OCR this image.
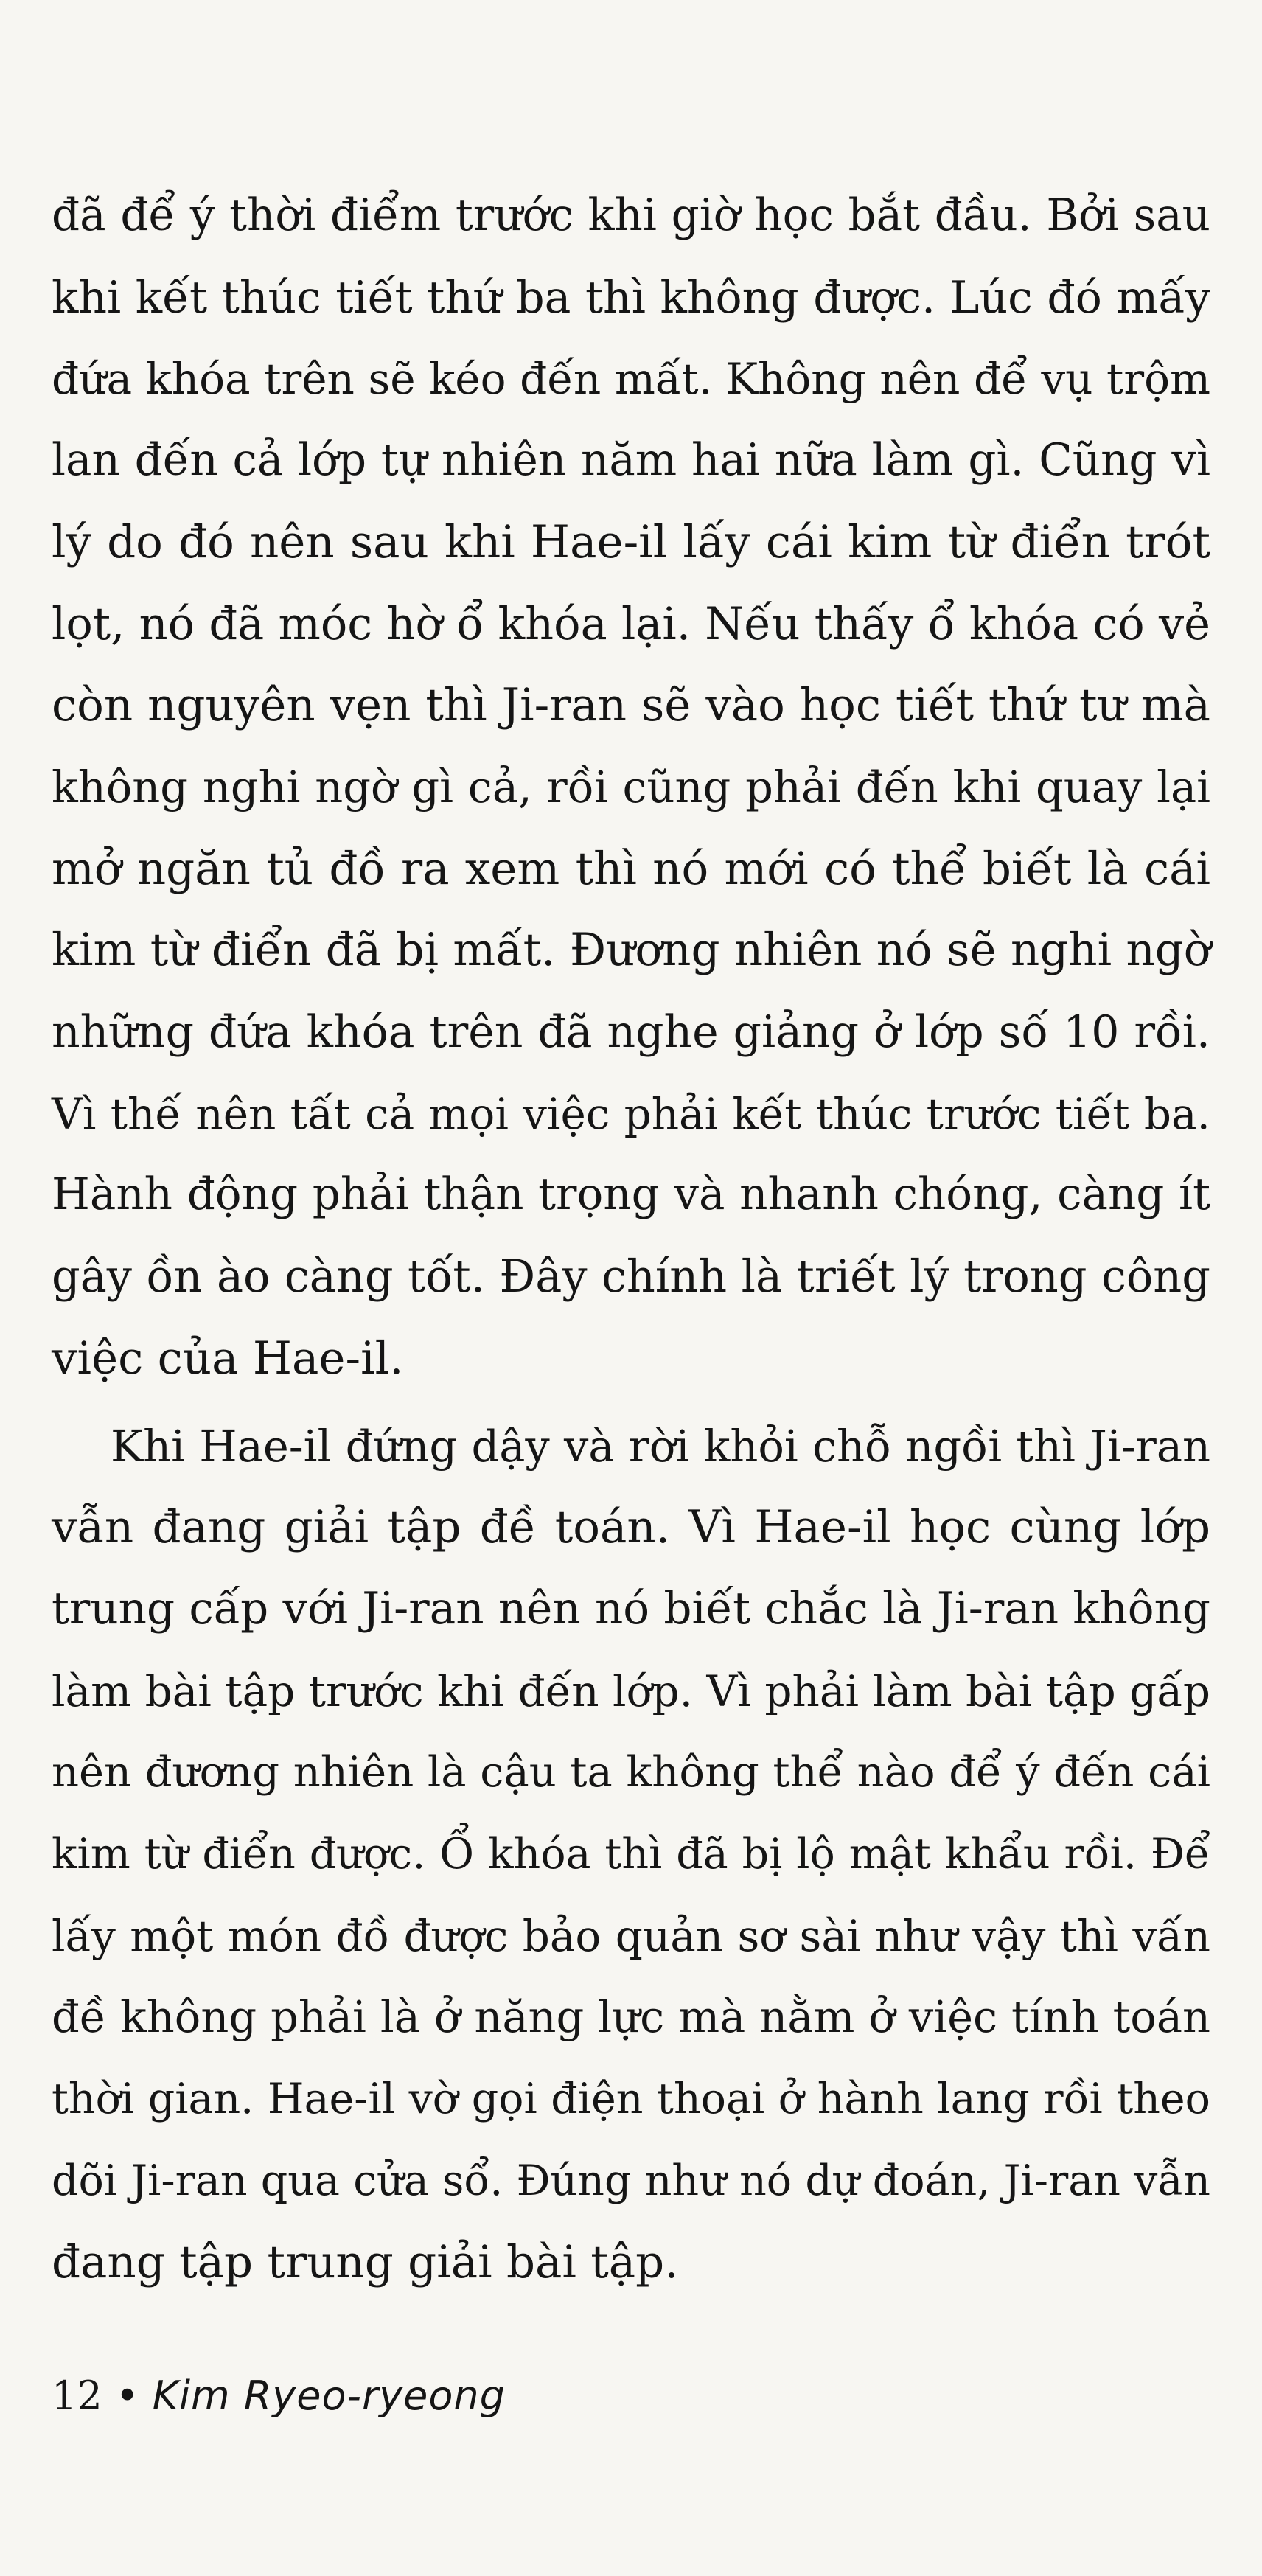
đã để ý thời điểm trước khi giờ học bắt đầu. Bởi sau
khi kết thúc tiết thứ ba thì không được. Lúc đó mấy
đứa khóa trên sẽ kéo đến mất. Không nên để vụ trộm
lan đến cả lớp tự nhiên năm hai nữa làm gì. Cũng vì
lý do đó nên sau khi Hae-il lấy cái kim từ điển trót
lọt, nó đã móc hờ ổ khóa lại. Nếu thấy ổ khóa có vẻ
còn nguyên vẹn thì Ji-ran sẽ vào học tiết thứ tư mà
không nghi ngờ gì cả, rồi cũng phải đến khi quay lại
mở ngăn tủ đồ ra xem thì nó mới có thể biết là cái
kim từ điển đã bị mất. Đương nhiên nó sẽ nghi ngờ
những đứa khóa trên đã nghe giảng ở lớp số 10 rồi.
Vì thế nên tất cả mọi việc phải kết thúc trước tiết ba.
Hành động phải thận trọng và nhanh chóng, càng ít
gây ồn ào càng tốt. Đây chính là triết lý trong công
việc của Hae-il.

Khi Hae-il đứng dậy và rời khỏi chỗ ngồi thì Ji-ran
vẫn đang giải tập đề toán. Vì Hae-il học cùng lớp
trung cấp với Ji-ran nên nó biết chắc là Ji-ran không
làm bài tập trước khi đến lớp. Vì phải làm bài tập gấp
nên đương nhiên là cậu ta không thể nào để ý đến cái
kim từ điển được. Ổ khóa thì đã bị lộ mật khẩu rồi. Để
lấy một món đồ được bảo quản sơ sài như vậy thì vấn
đề không phải là ở năng lực mà nằm ở việc tính toán
thời gian. Hae-il vờ gọi điện thoại ở hành lang rồi theo
dõi Ji-ran qua cửa sổ. Đúng như nó dự đoán, Ji-ran vẫn
đang tập trung giải bài tập.

12 • Kim Ryeo-ryeong
